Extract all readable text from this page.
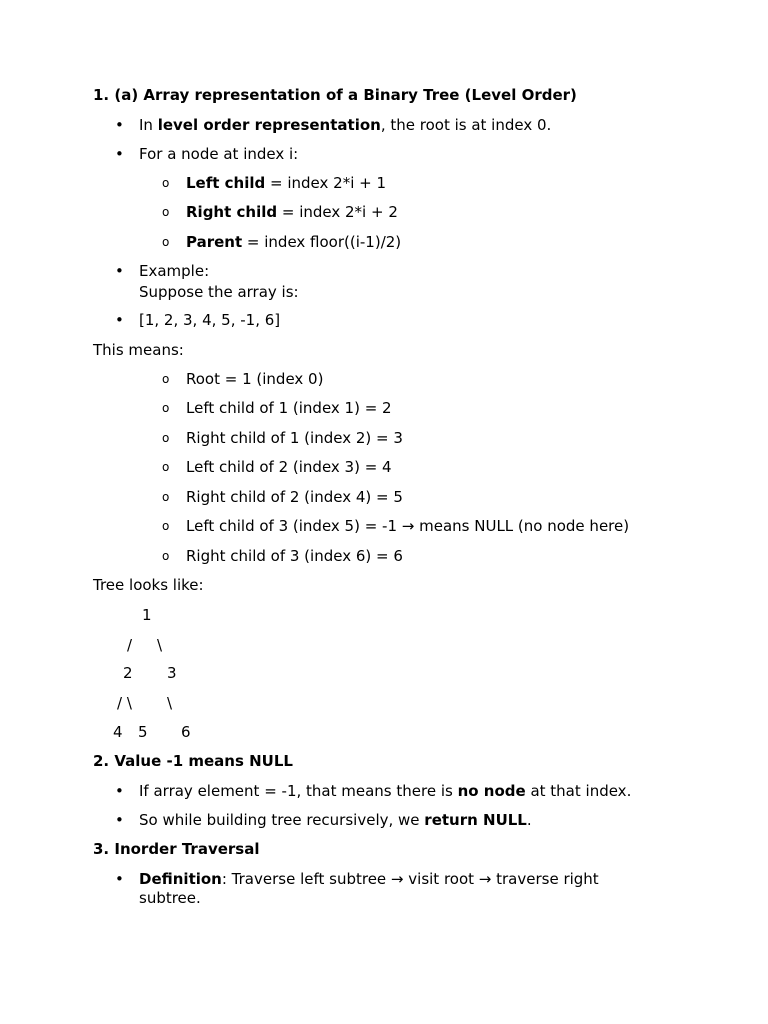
1. (a) Array representation of a Binary Tree (Level Order)
• In level order representation, the root is at index 0.
• For a node at index i:
o Left child = index 2*i + 1
o Right child = index 2*i + 2
o Parent = index floor((i-1)/2)
• Example:
Suppose the array is:
• [1, 2, 3, 4, 5, -1, 6]
This means:
o Root = 1 (index 0)
o Left child of 1 (index 1) = 2
o Right child of 1 (index 2) = 3
o Left child of 2 (index 3) = 4
o Right child of 2 (index 4) = 5
o Left child of 3 (index 5) = -1 → means NULL (no node here)
o Right child of 3 (index 6) = 6
Tree looks like:
1
/ \
2 3
/ \ \
4 5 6
2. Value -1 means NULL
• If array element = -1, that means there is no node at that index.
• So while building tree recursively, we return NULL.
3. Inorder Traversal
• Definition: Traverse left subtree → visit root → traverse right
subtree.
